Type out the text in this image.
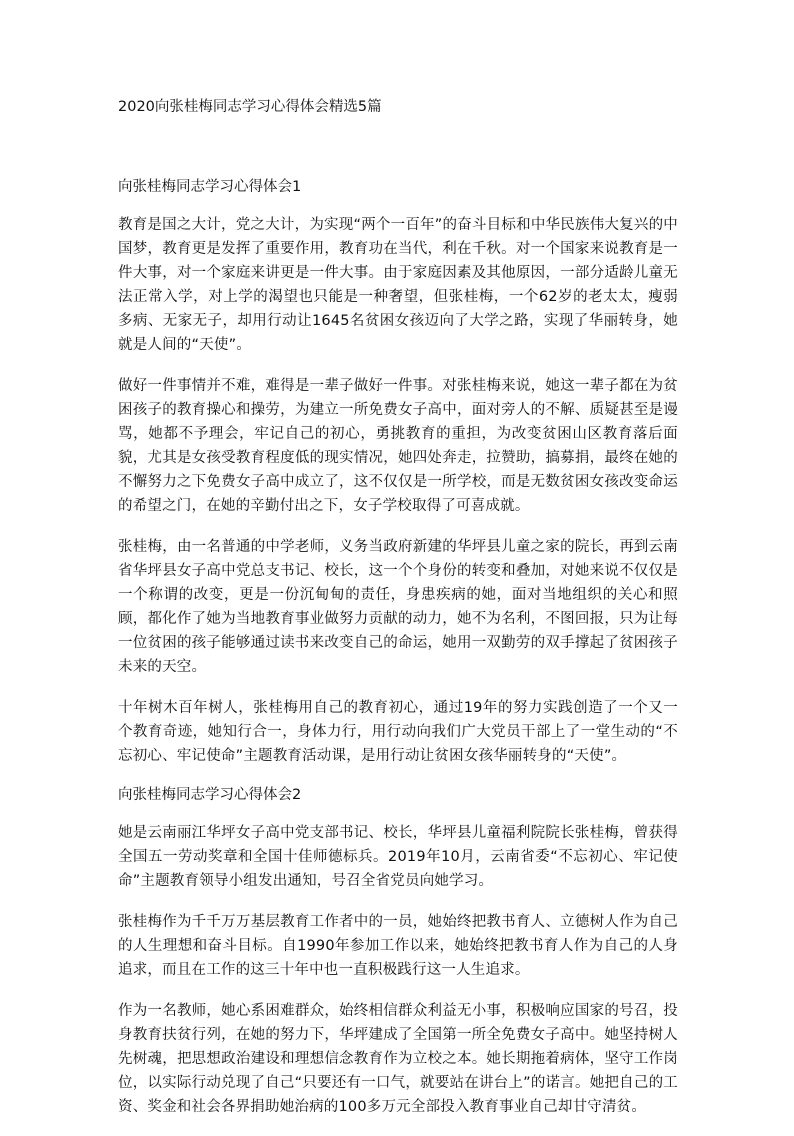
2020向张桂梅同志学习心得体会精选5篇
向张桂梅同志学习心得体会1

教育是国之大计，党之大计，为实现“两个一百年”的奋斗目标和中华民族伟大复兴的中国梦，教育更是发挥了重要作用，教育功在当代，利在千秋。对一个国家来说教育是一件大事，对一个家庭来讲更是一件大事。由于家庭因素及其他原因，一部分适龄儿童无法正常入学，对上学的渴望也只能是一种奢望，但张桂梅，一个62岁的老太太，瘦弱多病、无家无子，却用行动让1645名贫困女孩迈向了大学之路，实现了华丽转身，她就是人间的“天使”。

做好一件事情并不难，难得是一辈子做好一件事。对张桂梅来说，她这一辈子都在为贫困孩子的教育操心和操劳，为建立一所免费女子高中，面对旁人的不解、质疑甚至是谩骂，她都不予理会，牢记自己的初心，勇挑教育的重担，为改变贫困山区教育落后面貌，尤其是女孩受教育程度低的现实情况，她四处奔走，拉赞助，搞募捐，最终在她的不懈努力之下免费女子高中成立了，这不仅仅是一所学校，而是无数贫困女孩改变命运的希望之门，在她的辛勤付出之下，女子学校取得了可喜成就。

张桂梅，由一名普通的中学老师，义务当政府新建的华坪县儿童之家的院长，再到云南省华坪县女子高中党总支书记、校长，这一个个身份的转变和叠加，对她来说不仅仅是一个称谓的改变，更是一份沉甸甸的责任，身患疾病的她，面对当地组织的关心和照顾，都化作了她为当地教育事业做努力贡献的动力，她不为名利，不图回报，只为让每一位贫困的孩子能够通过读书来改变自己的命运，她用一双勤劳的双手撑起了贫困孩子未来的天空。

十年树木百年树人，张桂梅用自己的教育初心，通过19年的努力实践创造了一个又一个教育奇迹，她知行合一，身体力行，用行动向我们广大党员干部上了一堂生动的“不忘初心、牢记使命”主题教育活动课，是用行动让贫困女孩华丽转身的“天使”。

向张桂梅同志学习心得体会2

她是云南丽江华坪女子高中党支部书记、校长，华坪县儿童福利院院长张桂梅，曾获得全国五一劳动奖章和全国十佳师德标兵。2019年10月，云南省委“不忘初心、牢记使命”主题教育领导小组发出通知，号召全省党员向她学习。

张桂梅作为千千万万基层教育工作者中的一员，她始终把教书育人、立德树人作为自己的人生理想和奋斗目标。自1990年参加工作以来，她始终把教书育人作为自己的人身追求，而且在工作的这三十年中也一直积极践行这一人生追求。

作为一名教师，她心系困难群众，始终相信群众利益无小事，积极响应国家的号召，投身教育扶贫行列，在她的努力下，华坪建成了全国第一所全免费女子高中。她坚持树人先树魂，把思想政治建设和理想信念教育作为立校之本。她长期拖着病体，坚守工作岗位，以实际行动兑现了自己“只要还有一口气，就要站在讲台上”的诺言。她把自己的工资、奖金和社会各界捐助她治病的100多万元全部投入教育事业自己却甘守清贫。
